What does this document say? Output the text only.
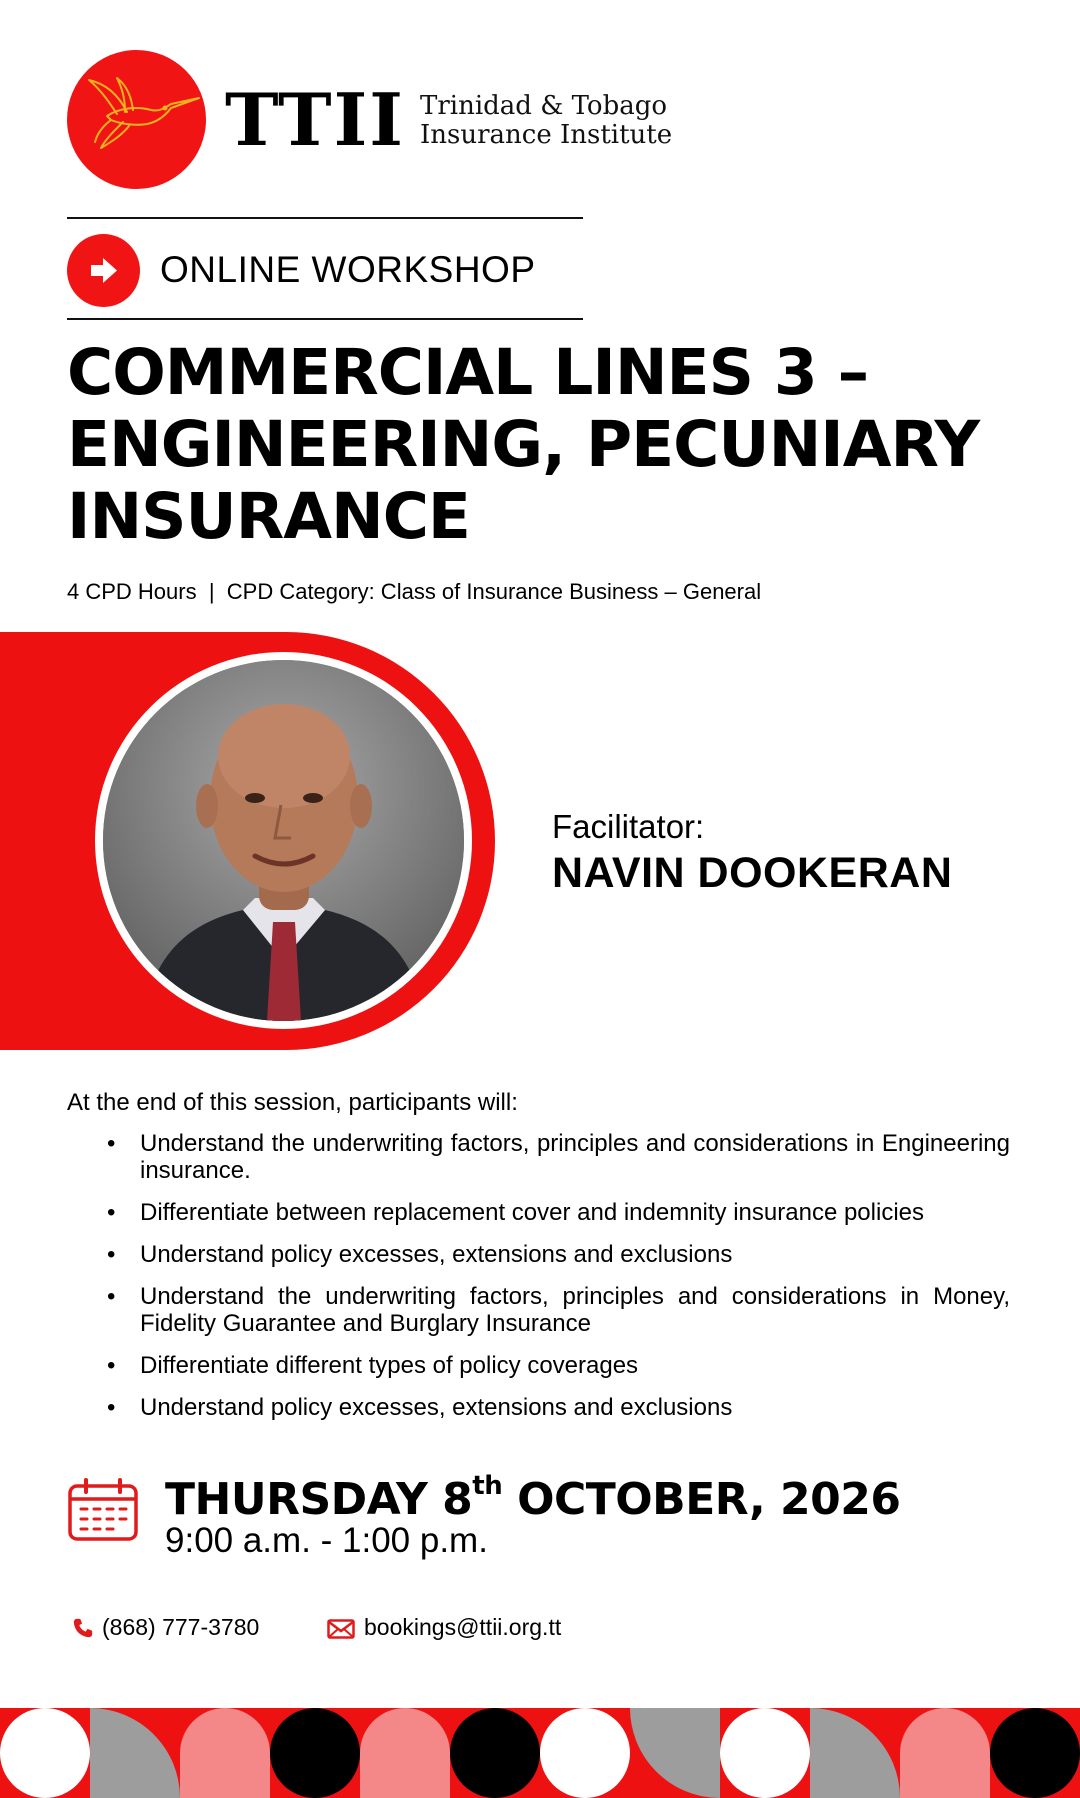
TTII Trinidad & Tobago
Insurance Institute
ONLINE WORKSHOP
COMMERCIAL LINES 3 –
ENGINEERING, PECUNIARY
INSURANCE
4 CPD Hours  |  CPD Category: Class of Insurance Business – General
Facilitator:
NAVIN DOOKERAN
At the end of this session, participants will:
• Understand the underwriting factors, principles and considerations in Engineering insurance.
• Differentiate between replacement cover and indemnity insurance policies
• Understand policy excesses, extensions and exclusions
• Understand the underwriting factors, principles and considerations in Money, Fidelity Guarantee and Burglary Insurance
• Differentiate different types of policy coverages
• Understand policy excesses, extensions and exclusions
THURSDAY 8th OCTOBER, 2026
9:00 a.m. - 1:00 p.m.
(868) 777-3780	bookings@ttii.org.tt
